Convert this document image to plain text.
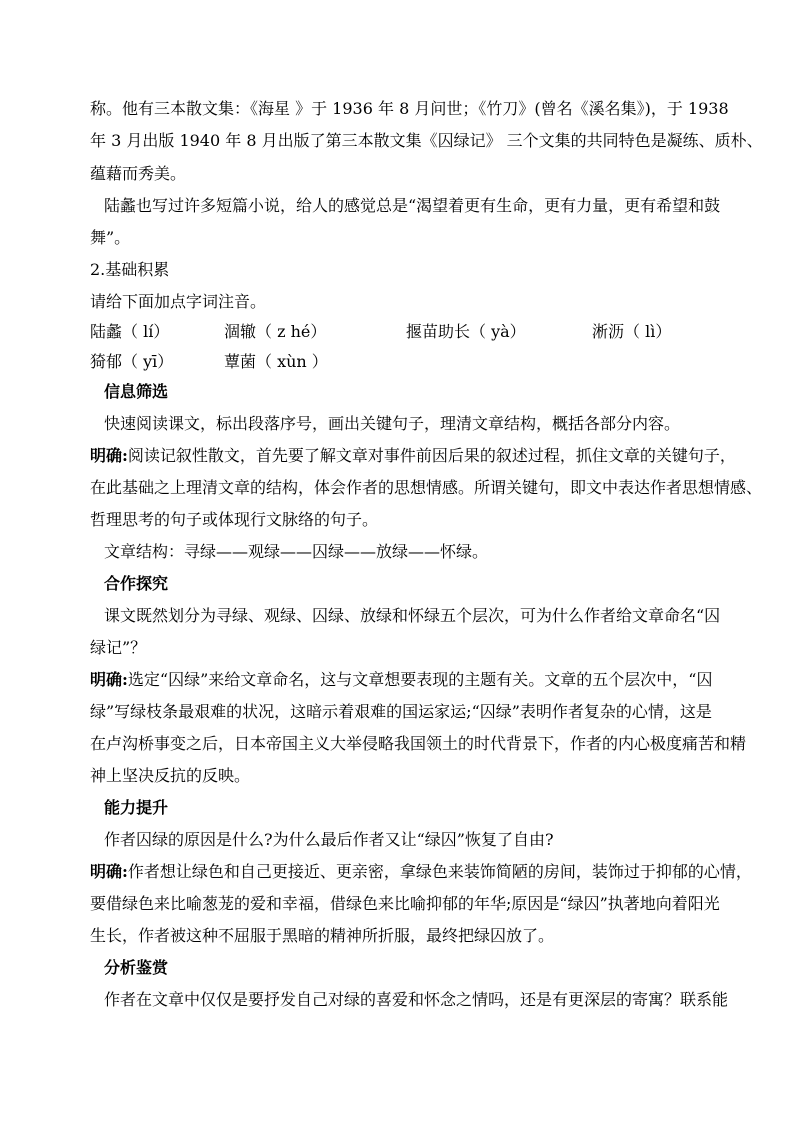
称。他有三本散文集：《海星 》于 1936 年 8 月问世；《竹刀》(曾名《溪名集》)，于 1938
年 3 月出版 1940 年 8 月出版了第三本散文集《囚绿记》 三个文集的共同特色是凝练、质朴、
蕴藉而秀美。
陆蠡也写过许多短篇小说，给人的感觉总是“渴望着更有生命，更有力量，更有希望和鼓
舞”。
2.基础积累
请给下面加点字词注音。
陆蠡（ lí）	涸辙（ z hé）	揠苗助长（ yà）	淅沥（ lì）
猗郁（ yī）	蕈菌（ xùn ）
信息筛选
快速阅读课文，标出段落序号，画出关键句子，理清文章结构，概括各部分内容。
明确:阅读记叙性散文，首先要了解文章对事件前因后果的叙述过程，抓住文章的关键句子，
在此基础之上理清文章的结构，体会作者的思想情感。所谓关键句，即文中表达作者思想情感、
哲理思考的句子或体现行文脉络的句子。
文章结构：寻绿——观绿——囚绿——放绿——怀绿。
合作探究
课文既然划分为寻绿、观绿、囚绿、放绿和怀绿五个层次，可为什么作者给文章命名“囚
绿记”？
明确:选定“囚绿”来给文章命名，这与文章想要表现的主题有关。文章的五个层次中，“囚
绿”写绿枝条最艰难的状况，这暗示着艰难的国运家运;“囚绿”表明作者复杂的心情，这是
在卢沟桥事变之后，日本帝国主义大举侵略我国领土的时代背景下，作者的内心极度痛苦和精
神上坚决反抗的反映。
能力提升
作者囚绿的原因是什么?为什么最后作者又让“绿囚”恢复了自由?
明确:作者想让绿色和自己更接近、更亲密，拿绿色来装饰简陋的房间，装饰过于抑郁的心情，
要借绿色来比喻葱茏的爱和幸福，借绿色来比喻抑郁的年华;原因是“绿囚”执著地向着阳光
生长，作者被这种不屈服于黑暗的精神所折服，最终把绿囚放了。
分析鉴赏
作者在文章中仅仅是要抒发自己对绿的喜爱和怀念之情吗，还是有更深层的寄寓？联系能
